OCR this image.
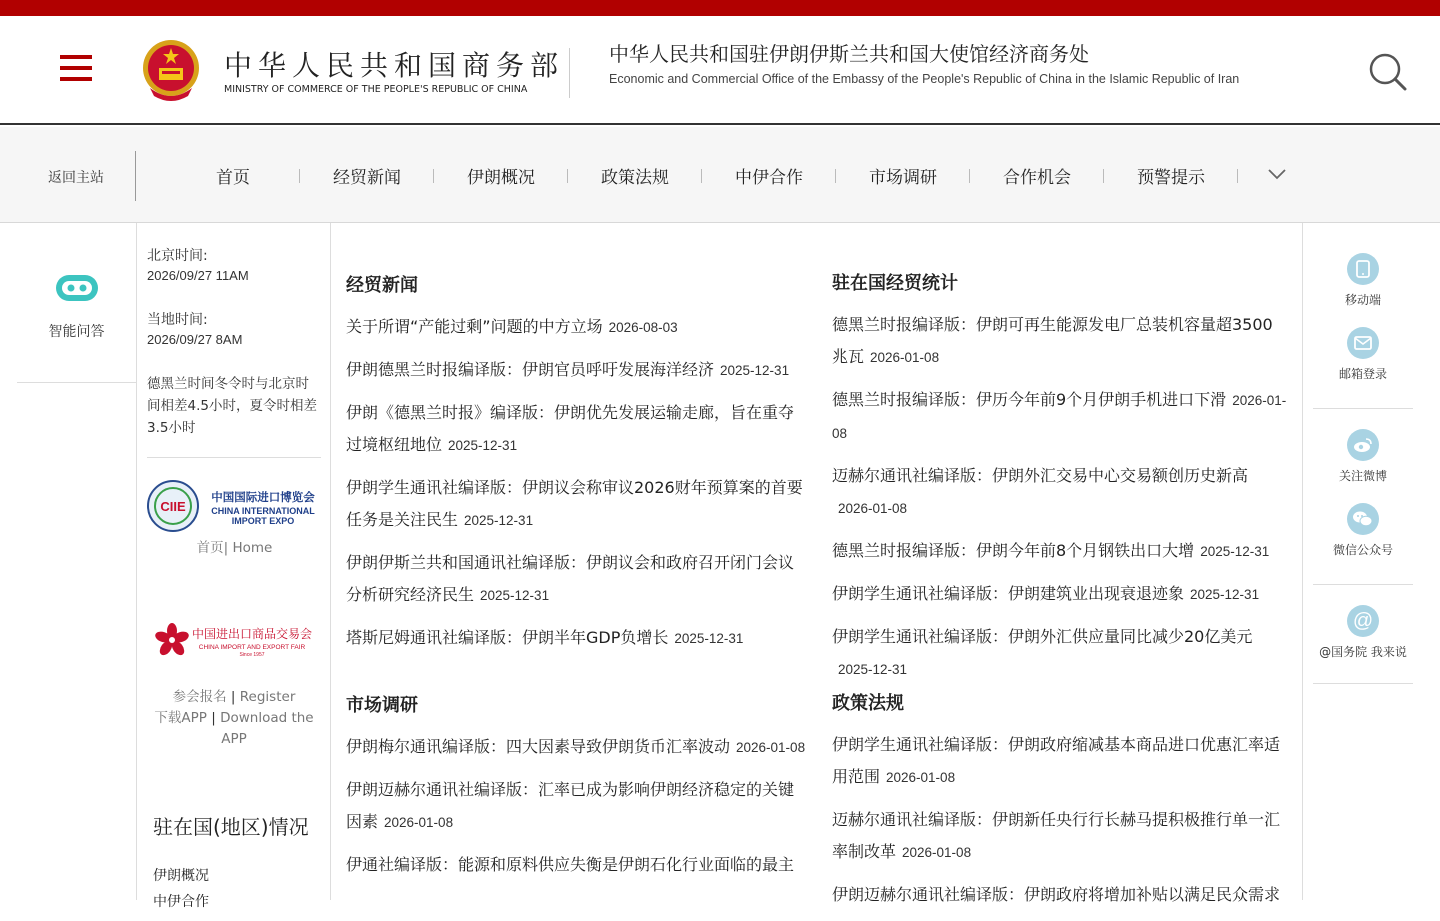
中华人民共和国商务部
MINISTRY OF COMMERCE OF THE PEOPLE'S REPUBLIC OF CHINA
中华人民共和国驻伊朗伊斯兰共和国大使馆经济商务处
Economic and Commercial Office of the Embassy of the People's Republic of China in the Islamic Republic of Iran
返回主站	首页	经贸新闻	伊朗概况	政策法规	中伊合作	市场调研	合作机会	预警提示
智能问答
北京时间:
2026/09/27 11AM
当地时间:
2026/09/27 8AM
德黑兰时间冬令时与北京时间相差4.5小时，夏令时相差3.5小时
CIIE
中国国际进口博览会
CHINA INTERNATIONAL
IMPORT EXPO
首页| Home
中国进出口商品交易会
CHINA IMPORT AND EXPORT FAIR
Since 1957
参会报名 | Register
下载APP | Download the APP
驻在国(地区)情况
伊朗概况
中伊合作
经贸新闻
关于所谓“产能过剩”问题的中方立场 2026-08-03
伊朗德黑兰时报编译版：伊朗官员呼吁发展海洋经济 2025-12-31
伊朗《德黑兰时报》编译版：伊朗优先发展运输走廊，旨在重夺过境枢纽地位 2025-12-31
伊朗学生通讯社编译版：伊朗议会称审议2026财年预算案的首要任务是关注民生 2025-12-31
伊朗伊斯兰共和国通讯社编译版：伊朗议会和政府召开闭门会议分析研究经济民生 2025-12-31
塔斯尼姆通讯社编译版：伊朗半年GDP负增长 2025-12-31
驻在国经贸统计
德黑兰时报编译版：伊朗可再生能源发电厂总装机容量超3500兆瓦 2026-01-08
德黑兰时报编译版：伊历今年前9个月伊朗手机进口下滑 2026-01-08
迈赫尔通讯社编译版：伊朗外汇交易中心交易额创历史新高2026-01-08
德黑兰时报编译版：伊朗今年前8个月钢铁出口大增 2025-12-31
伊朗学生通讯社编译版：伊朗建筑业出现衰退迹象 2025-12-31
伊朗学生通讯社编译版：伊朗外汇供应量同比减少20亿美元2025-12-31
市场调研
伊朗梅尔通讯编译版：四大因素导致伊朗货币汇率波动 2026-01-08
伊朗迈赫尔通讯社编译版：汇率已成为影响伊朗经济稳定的关键因素 2026-01-08
伊通社编译版：能源和原料供应失衡是伊朗石化行业面临的最主
政策法规
伊朗学生通讯社编译版：伊朗政府缩减基本商品进口优惠汇率适用范围 2026-01-08
迈赫尔通讯社编译版：伊朗新任央行行长赫马提积极推行单一汇率制改革 2026-01-08
伊朗迈赫尔通讯社编译版：伊朗政府将增加补贴以满足民众需求
移动端
邮箱登录
关注微博
微信公众号
@
@国务院 我来说
